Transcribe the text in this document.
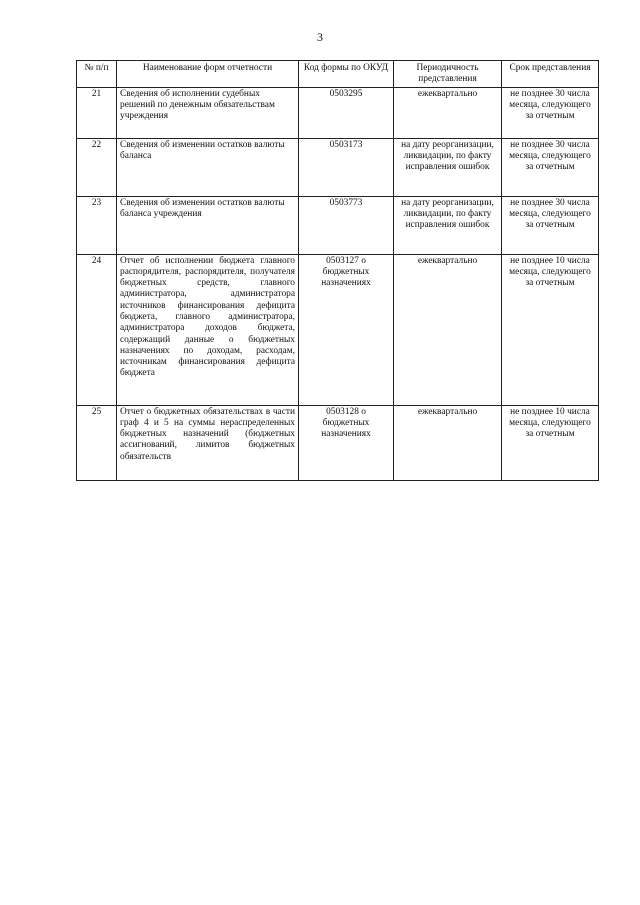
3
№ п/п	Наименование форм отчетности	Код формы по ОКУД	Периодичность представления	Срок представления
21	Сведения об исполнении судебных решений по денежным обязательствам учреждения	0503295	ежеквартально	не позднее 30 числа месяца, следующего за отчетным
22	Сведения об изменении остатков валюты баланса	0503173	на дату реорганизации, ликвидации, по факту исправления ошибок	не позднее 30 числа месяца, следующего за отчетным
23	Сведения об изменении остатков валюты баланса учреждения	0503773	на дату реорганизации, ликвидации, по факту исправления ошибок	не позднее 30 числа месяца, следующего за отчетным
24	Отчет об исполнении бюджета главного распорядителя, распорядителя, получателя бюджетных средств, главного администратора, администратора источников финансирования дефицита бюджета, главного администратора, администратора доходов бюджета, содержащий данные о бюджетных назначениях по доходам, расходам, источникам финансирования дефицита бюджета	0503127 о бюджетных назначениях	ежеквартально	не позднее 10 числа месяца, следующего за отчетным
25	Отчет о бюджетных обязательствах в части граф 4 и 5 на суммы нераспределенных бюджетных назначений (бюджетных ассигнований, лимитов бюджетных обязательств	0503128 о бюджетных назначениях	ежеквартально	не позднее 10 числа месяца, следующего за отчетным
